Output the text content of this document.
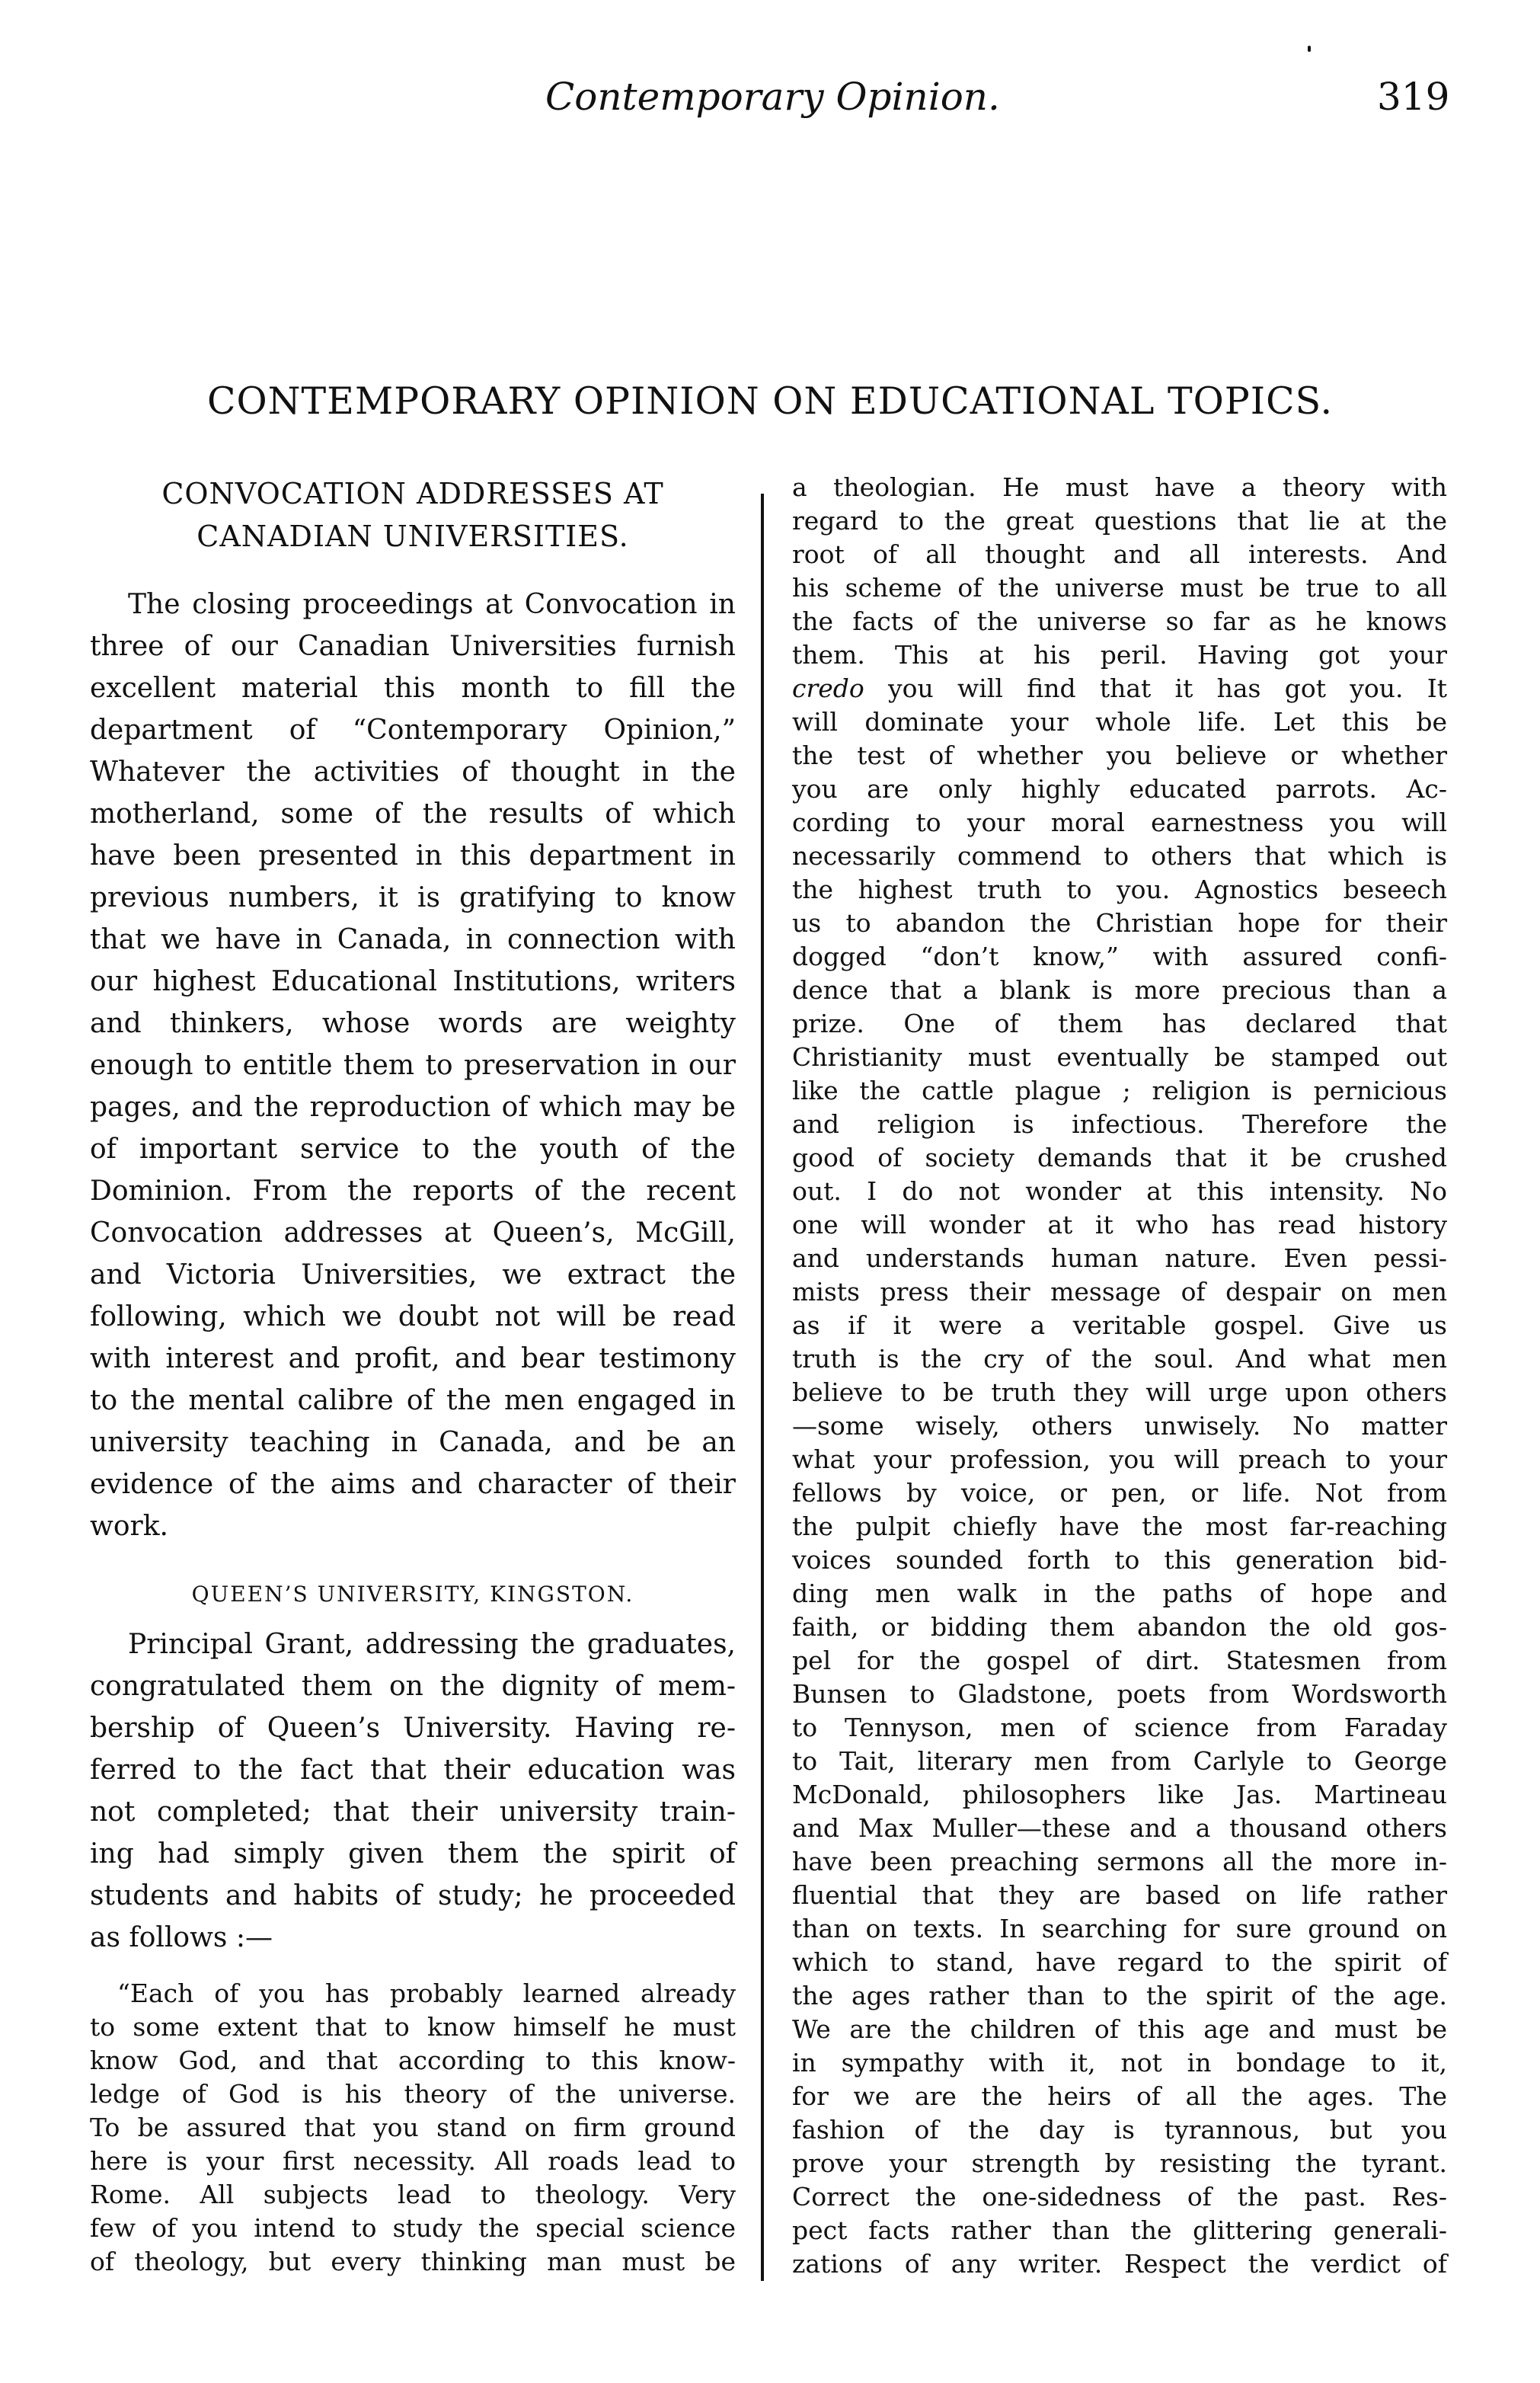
Contemporary Opinion.	319
CONTEMPORARY OPINION ON EDUCATIONAL TOPICS.
CONVOCATION ADDRESSES AT
CANADIAN UNIVERSITIES.
The closing proceedings at Convocation in
three of our Canadian Universities furnish
excellent material this month to fill the
department of “Contemporary Opinion,”
Whatever the activities of thought in the
motherland, some of the results of which
have been presented in this department in
previous numbers, it is gratifying to know
that we have in Canada, in connection with
our highest Educational Institutions, writers
and thinkers, whose words are weighty
enough to entitle them to preservation in our
pages, and the reproduction of which may be
of important service to the youth of the
Dominion. From the reports of the recent
Convocation addresses at Queen’s, McGill,
and Victoria Universities, we extract the
following, which we doubt not will be read
with interest and profit, and bear testimony
to the mental calibre of the men engaged in
university teaching in Canada, and be an
evidence of the aims and character of their
work.
QUEEN’S UNIVERSITY, KINGSTON.
Principal Grant, addressing the graduates,
congratulated them on the dignity of mem-
bership of Queen’s University. Having re-
ferred to the fact that their education was
not completed; that their university train-
ing had simply given them the spirit of
students and habits of study; he proceeded
as follows :—
“Each of you has probably learned already
to some extent that to know himself he must
know God, and that according to this know-
ledge of God is his theory of the universe.
To be assured that you stand on firm ground
here is your first necessity. All roads lead to
Rome. All subjects lead to theology. Very
few of you intend to study the special science
of theology, but every thinking man must be
a theologian. He must have a theory with
regard to the great questions that lie at the
root of all thought and all interests. And
his scheme of the universe must be true to all
the facts of the universe so far as he knows
them. This at his peril. Having got your
credo you will find that it has got you. It
will dominate your whole life. Let this be
the test of whether you believe or whether
you are only highly educated parrots. Ac-
cording to your moral earnestness you will
necessarily commend to others that which is
the highest truth to you. Agnostics beseech
us to abandon the Christian hope for their
dogged “don’t know,” with assured confi-
dence that a blank is more precious than a
prize. One of them has declared that
Christianity must eventually be stamped out
like the cattle plague ; religion is pernicious
and religion is infectious. Therefore the
good of society demands that it be crushed
out. I do not wonder at this intensity. No
one will wonder at it who has read history
and understands human nature. Even pessi-
mists press their message of despair on men
as if it were a veritable gospel. Give us
truth is the cry of the soul. And what men
believe to be truth they will urge upon others
—some wisely, others unwisely. No matter
what your profession, you will preach to your
fellows by voice, or pen, or life. Not from
the pulpit chiefly have the most far-reaching
voices sounded forth to this generation bid-
ding men walk in the paths of hope and
faith, or bidding them abandon the old gos-
pel for the gospel of dirt. Statesmen from
Bunsen to Gladstone, poets from Wordsworth
to Tennyson, men of science from Faraday
to Tait, literary men from Carlyle to George
McDonald, philosophers like Jas. Martineau
and Max Muller—these and a thousand others
have been preaching sermons all the more in-
fluential that they are based on life rather
than on texts. In searching for sure ground on
which to stand, have regard to the spirit of
the ages rather than to the spirit of the age.
We are the children of this age and must be
in sympathy with it, not in bondage to it,
for we are the heirs of all the ages. The
fashion of the day is tyrannous, but you
prove your strength by resisting the tyrant.
Correct the one-sidedness of the past. Res-
pect facts rather than the glittering generali-
zations of any writer. Respect the verdict of
